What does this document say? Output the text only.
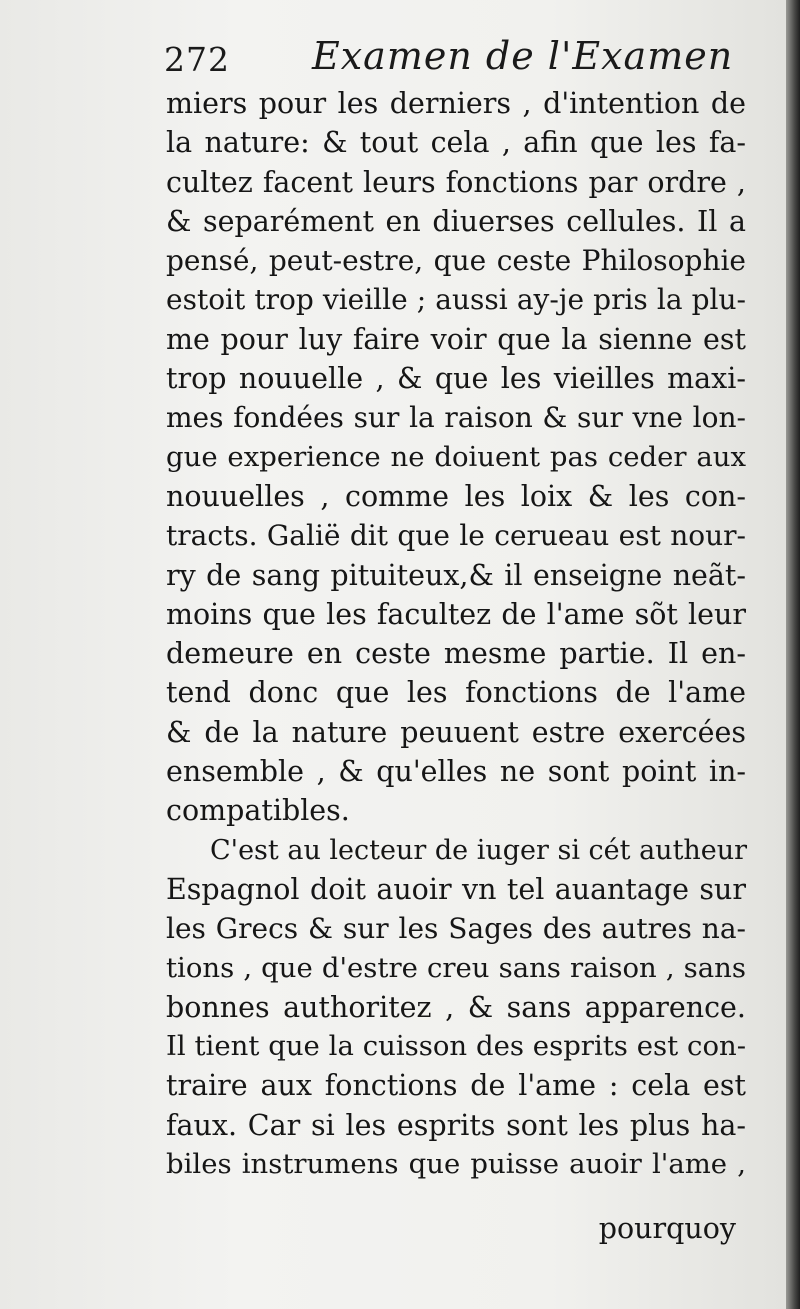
272 Examen de l'Examen
miers pour les derniers , d'intention de
la nature: & tout cela , afin que les fa-
cultez facent leurs fonctions par ordre ,
& separément en diuerses cellules. Il a
pensé, peut-estre, que ceste Philosophie
estoit trop vieille ; aussi ay-je pris la plu-
me pour luy faire voir que la sienne est
trop nouuelle , & que les vieilles maxi-
mes fondées sur la raison & sur vne lon-
gue experience ne doiuent pas ceder aux
nouuelles , comme les loix & les con-
tracts. Galië dit que le cerueau est nour-
ry de sang pituiteux,& il enseigne neãt-
moins que les facultez de l'ame sõt leur
demeure en ceste mesme partie. Il en-
tend donc que les fonctions de l'ame
& de la nature peuuent estre exercées
ensemble , & qu'elles ne sont point in-
compatibles.
C'est au lecteur de iuger si cét autheur
Espagnol doit auoir vn tel auantage sur
les Grecs & sur les Sages des autres na-
tions , que d'estre creu sans raison , sans
bonnes authoritez , & sans apparence.
Il tient que la cuisson des esprits est con-
traire aux fonctions de l'ame : cela est
faux. Car si les esprits sont les plus ha-
biles instrumens que puisse auoir l'ame ,
pourquoy
